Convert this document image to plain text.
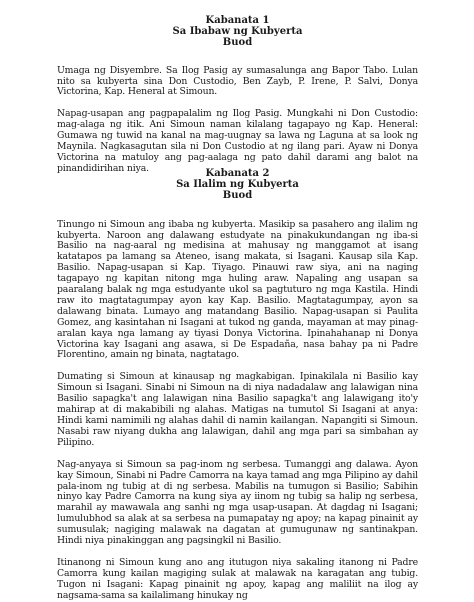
Kabanata 1
Sa Ibabaw ng Kubyerta
Buod

Umaga ng Disyembre. Sa Ilog Pasig ay sumasalunga ang Bapor Tabo. Lulan nito sa kubyerta sina Don Custodio, Ben Zayb, P. Irene, P. Salvi, Donya Victorina, Kap. Heneral at Simoun.

Napag-usapan ang pagpapalalim ng Ilog Pasig. Mungkahi ni Don Custodio: mag-alaga ng itik. Ani Simoun naman kilalang tagapayo ng Kap. Heneral: Gumawa ng tuwid na kanal na mag-uugnay sa lawa ng Laguna at sa look ng Maynila. Nagkasagutan sila ni Don Custodio at ng ilang pari. Ayaw ni Donya Victorina na matuloy ang pag-aalaga ng pato dahil darami ang balot na pinandidirihan niya.	Kabanata 2
Sa Ilalim ng Kubyerta
Buod

Tinungo ni Simoun ang ibaba ng kubyerta. Masikip sa pasahero ang ilalim ng kubyerta. Naroon ang dalawang estudyate na pinakukundangan ng iba-si Basilio na nag-aaral ng medisina at mahusay ng manggamot at isang katatapos pa lamang sa Ateneo, isang makata, si Isagani. Kausap sila Kap. Basilio. Napag-usapan si Kap. Tiyago. Pinauwi raw siya, ani na naging tagapayo ng kapitan nitong mga huling araw. Napaling ang usapan sa paaralang balak ng mga estudyante ukol sa pagtuturo ng mga Kastila. Hindi raw ito magtatagumpay ayon kay Kap. Basilio. Magtatagumpay, ayon sa dalawang binata. Lumayo ang matandang Basilio. Napag-usapan si Paulita Gomez, ang kasintahan ni Isagani at tukod ng ganda, mayaman at may pinag-aralan kaya nga lamang ay tiyasi Donya Victorina. Ipinahahanap ni Donya Victorina kay Isagani ang asawa, si De Espadaña, nasa bahay pa ni Padre Florentino, amain ng binata, nagtatago.

Dumating si Simoun at kinausap ng magkabigan. Ipinakilala ni Basilio kay Simoun si Isagani. Sinabi ni Simoun na di niya nadadalaw ang lalawigan nina Basilio sapagka't ang lalawigan nina Basilio sapagka't ang lalawigang ito'y mahirap at di makabibili ng alahas. Matigas na tumutol Si Isagani at anya: Hindi kami namimili ng alahas dahil di namin kailangan. Napangiti si Simoun. Nasabi raw niyang dukha ang lalawigan, dahil ang mga pari sa simbahan ay Pilipino.

Nag-anyaya si Simoun sa pag-inom ng serbesa. Tumanggi ang dalawa. Ayon kay Simoun, Sinabi ni Padre Camorra na kaya tamad ang mga Pilipino ay dahil pala-inom ng tubig at di ng serbesa. Mabilis na tumugon si Basilio; Sabihin ninyo kay Padre Camorra na kung siya ay iinom ng tubig sa halip ng serbesa, marahil ay mawawala ang sanhi ng mga usap-usapan. At dagdag ni Isagani; lumulubhod sa alak at sa serbesa na pumapatay ng apoy; na kapag pinainit ay sumusulak; nagiging malawak na dagatan at gumugunaw ng santinakpan. Hindi niya pinakinggan ang pagsingkil ni Basilio.

Itinanong ni Simoun kung ano ang itutugon niya sakaling itanong ni Padre Camorra kung kailan magiging sulak at malawak na karagatan ang tubig. Tugon ni Isagani: Kapag pinainit ng apoy, kapag ang maliliit na ilog ay nagsama-sama sa kailalimang hinukay ng
